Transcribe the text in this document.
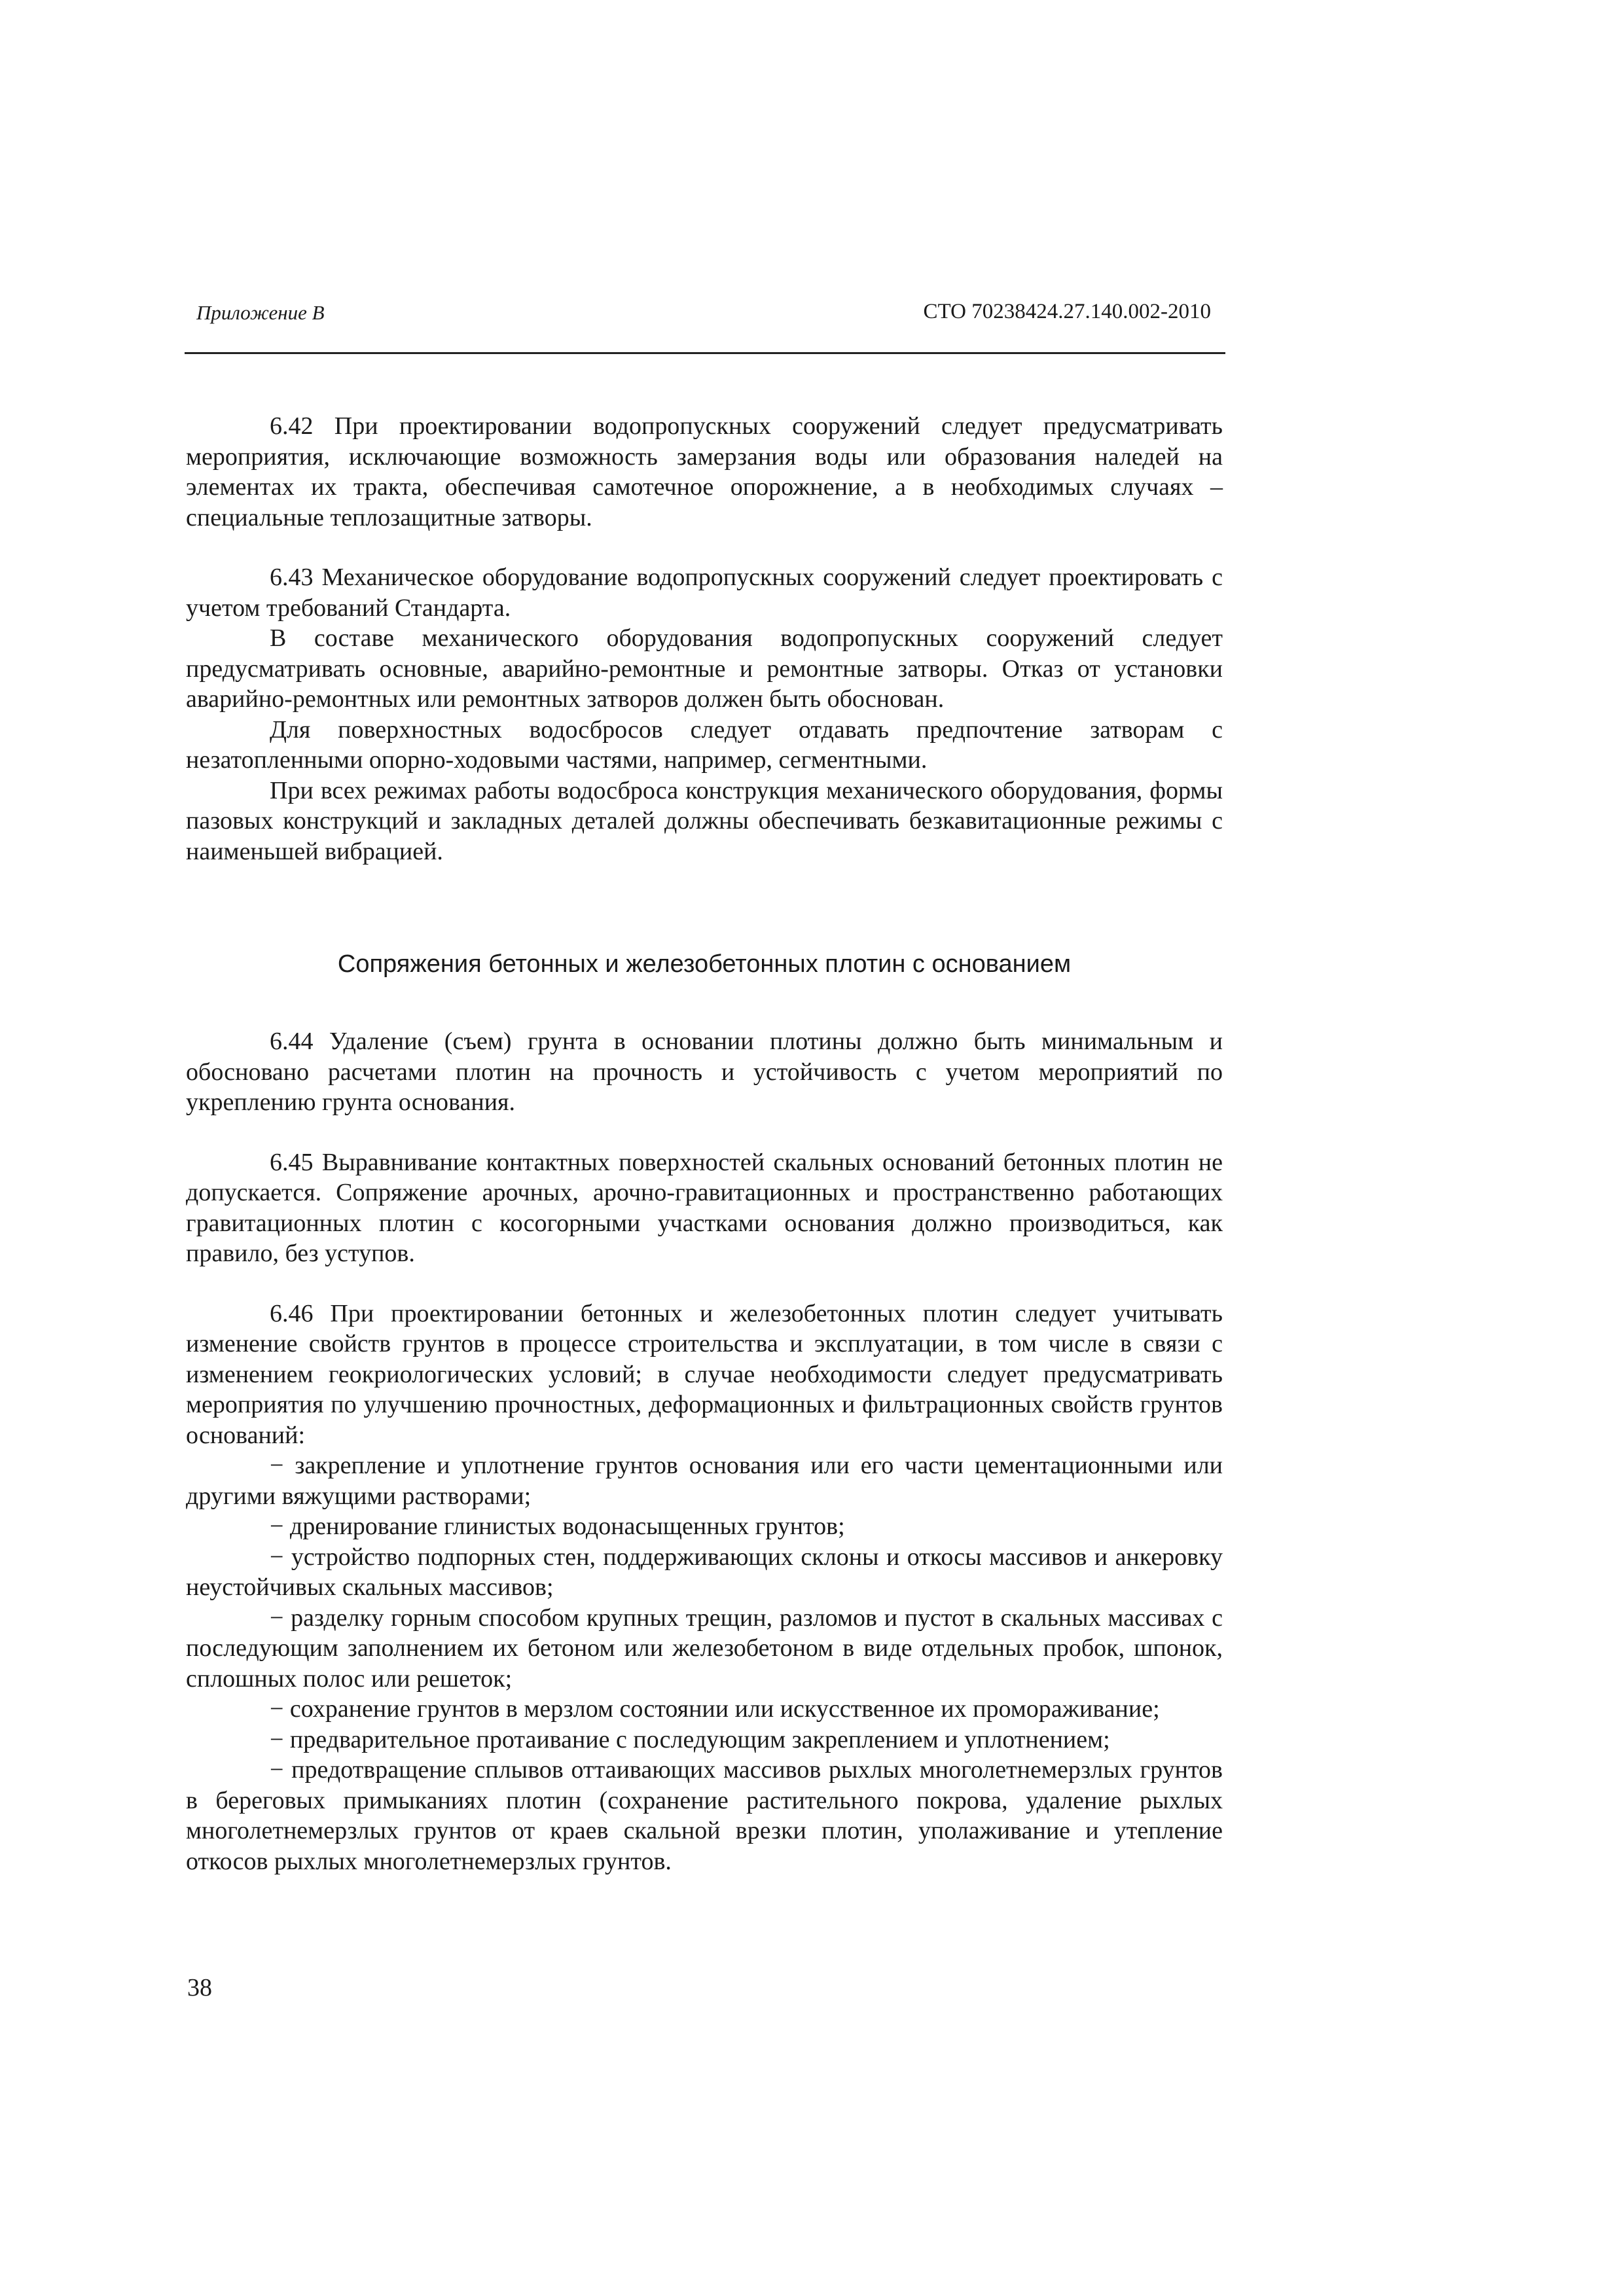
Приложение В	СТО 70238424.27.140.002-2010

6.42 При проектировании водопропускных сооружений следует предусматривать мероприятия, исключающие возможность замерзания воды или образования наледей на элементах их тракта, обеспечивая самотечное опорожнение, а в необходимых случаях – специальные теплозащитные затворы.

6.43 Механическое оборудование водопропускных сооружений следует проектировать с учетом требований Стандарта.

В составе механического оборудования водопропускных сооружений следует предусматривать основные, аварийно-ремонтные и ремонтные затворы. Отказ от установки аварийно-ремонтных или ремонтных затворов должен быть обоснован.

Для поверхностных водосбросов следует отдавать предпочтение затворам с незатопленными опорно-ходовыми частями, например, сегментными.

При всех режимах работы водосброса конструкция механического оборудования, формы пазовых конструкций и закладных деталей должны обеспечивать безкавитационные режимы с наименьшей вибрацией.

Сопряжения бетонных и железобетонных плотин с основанием

6.44 Удаление (съем) грунта в основании плотины должно быть минимальным и обосновано расчетами плотин на прочность и устойчивость с учетом мероприятий по укреплению грунта основания.

6.45 Выравнивание контактных поверхностей скальных оснований бетонных плотин не допускается. Сопряжение арочных, арочно-гравитационных и пространственно работающих гравитационных плотин с косогорными участками основания должно производиться, как правило, без уступов.

6.46 При проектировании бетонных и железобетонных плотин следует учитывать изменение свойств грунтов в процессе строительства и эксплуатации, в том числе в связи с изменением геокриологических условий; в случае необходимости следует предусматривать мероприятия по улучшению прочностных, деформационных и фильтрационных свойств грунтов оснований:

− закрепление и уплотнение грунтов основания или его части цементационными или другими вяжущими растворами;

− дренирование глинистых водонасыщенных грунтов;

− устройство подпорных стен, поддерживающих склоны и откосы массивов и анкеровку неустойчивых скальных массивов;

− разделку горным способом крупных трещин, разломов и пустот в скальных массивах с последующим заполнением их бетоном или железобетоном в виде отдельных пробок, шпонок, сплошных полос или решеток;

− сохранение грунтов в мерзлом состоянии или искусственное их промораживание;

− предварительное протаивание с последующим закреплением и уплотнением;

− предотвращение сплывов оттаивающих массивов рыхлых многолетнемерзлых грунтов в береговых примыканиях плотин (сохранение растительного покрова, удаление рыхлых многолетнемерзлых грунтов от краев скальной врезки плотин, уполаживание и утепление откосов рыхлых многолетнемерзлых грунтов.

38
